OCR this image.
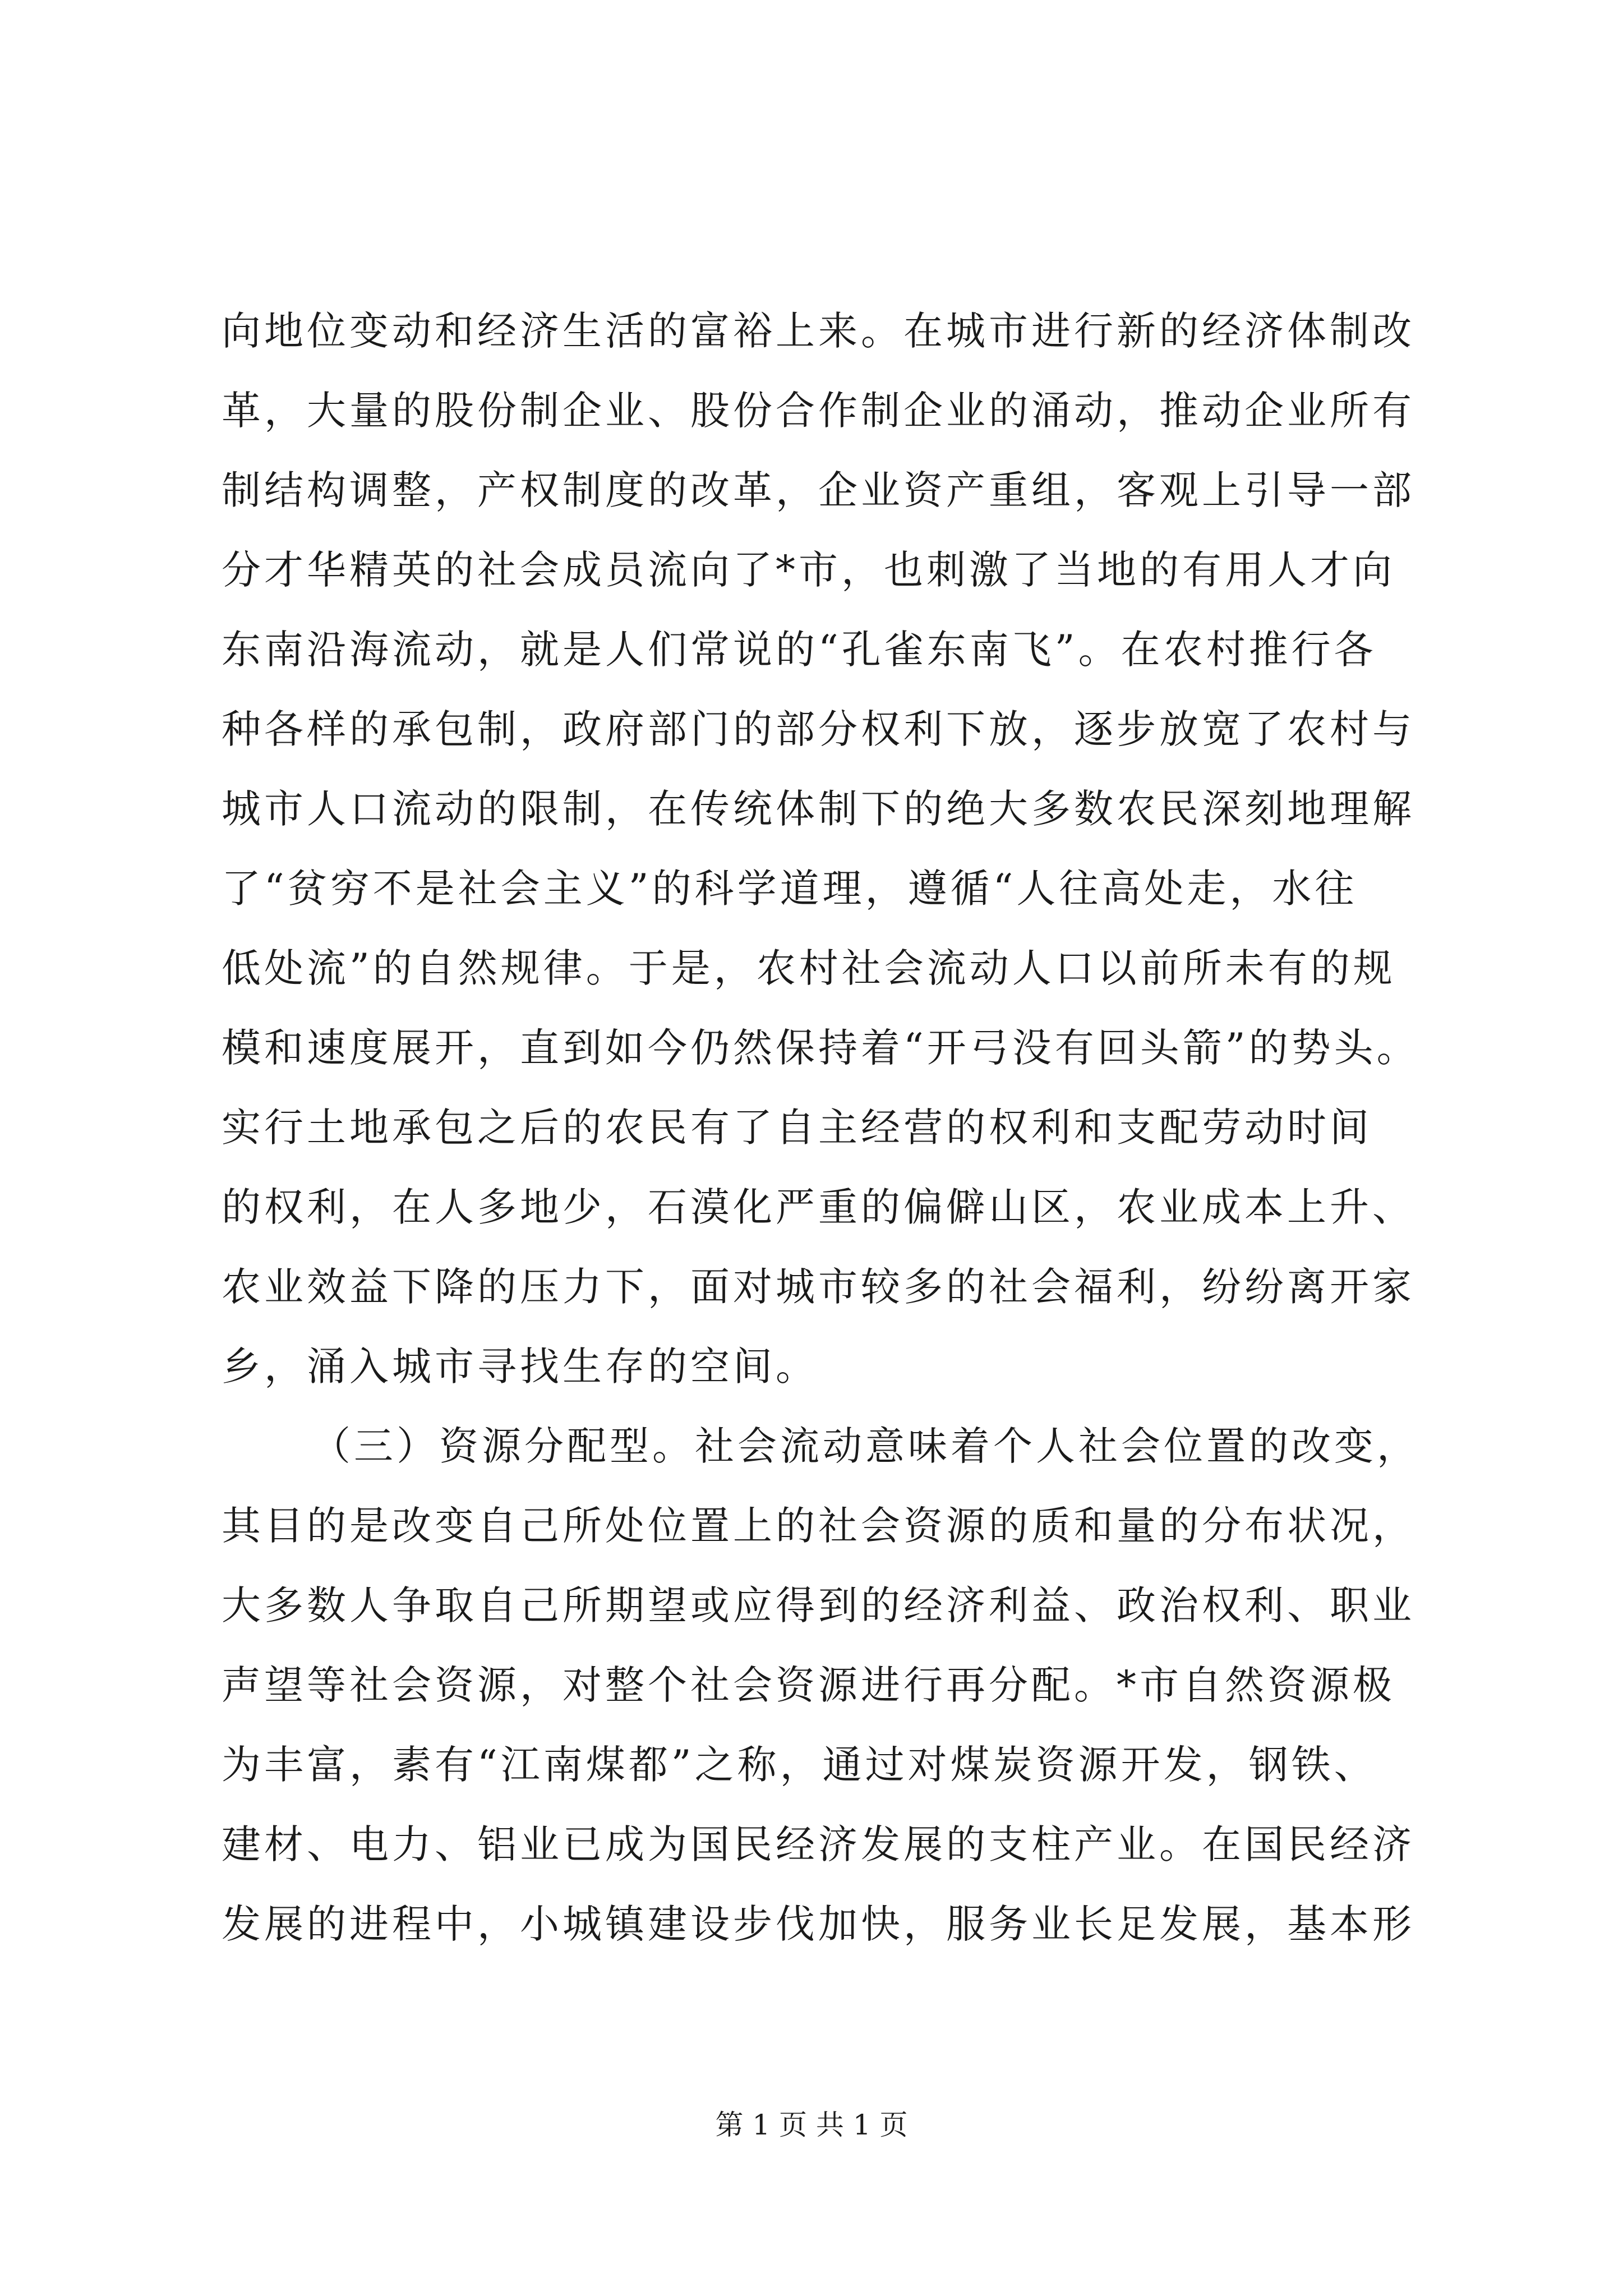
向地位变动和经济生活的富裕上来。在城市进行新的经济体制改
革，大量的股份制企业、股份合作制企业的涌动，推动企业所有
制结构调整，产权制度的改革，企业资产重组，客观上引导一部
分才华精英的社会成员流向了*市，也刺激了当地的有用人才向
东南沿海流动，就是人们常说的“孔雀东南飞”。在农村推行各
种各样的承包制，政府部门的部分权利下放，逐步放宽了农村与
城市人口流动的限制，在传统体制下的绝大多数农民深刻地理解
了“贫穷不是社会主义”的科学道理，遵循“人往高处走，水往
低处流”的自然规律。于是，农村社会流动人口以前所未有的规
模和速度展开，直到如今仍然保持着“开弓没有回头箭”的势头。
实行土地承包之后的农民有了自主经营的权利和支配劳动时间
的权利，在人多地少，石漠化严重的偏僻山区，农业成本上升、
农业效益下降的压力下，面对城市较多的社会福利，纷纷离开家
乡，涌入城市寻找生存的空间。
（三）资源分配型。社会流动意味着个人社会位置的改变，
其目的是改变自己所处位置上的社会资源的质和量的分布状况，
大多数人争取自己所期望或应得到的经济利益、政治权利、职业
声望等社会资源，对整个社会资源进行再分配。*市自然资源极
为丰富，素有“江南煤都”之称，通过对煤炭资源开发，钢铁、
建材、电力、铝业已成为国民经济发展的支柱产业。在国民经济
发展的进程中，小城镇建设步伐加快，服务业长足发展，基本形
第 1 页 共 1 页
